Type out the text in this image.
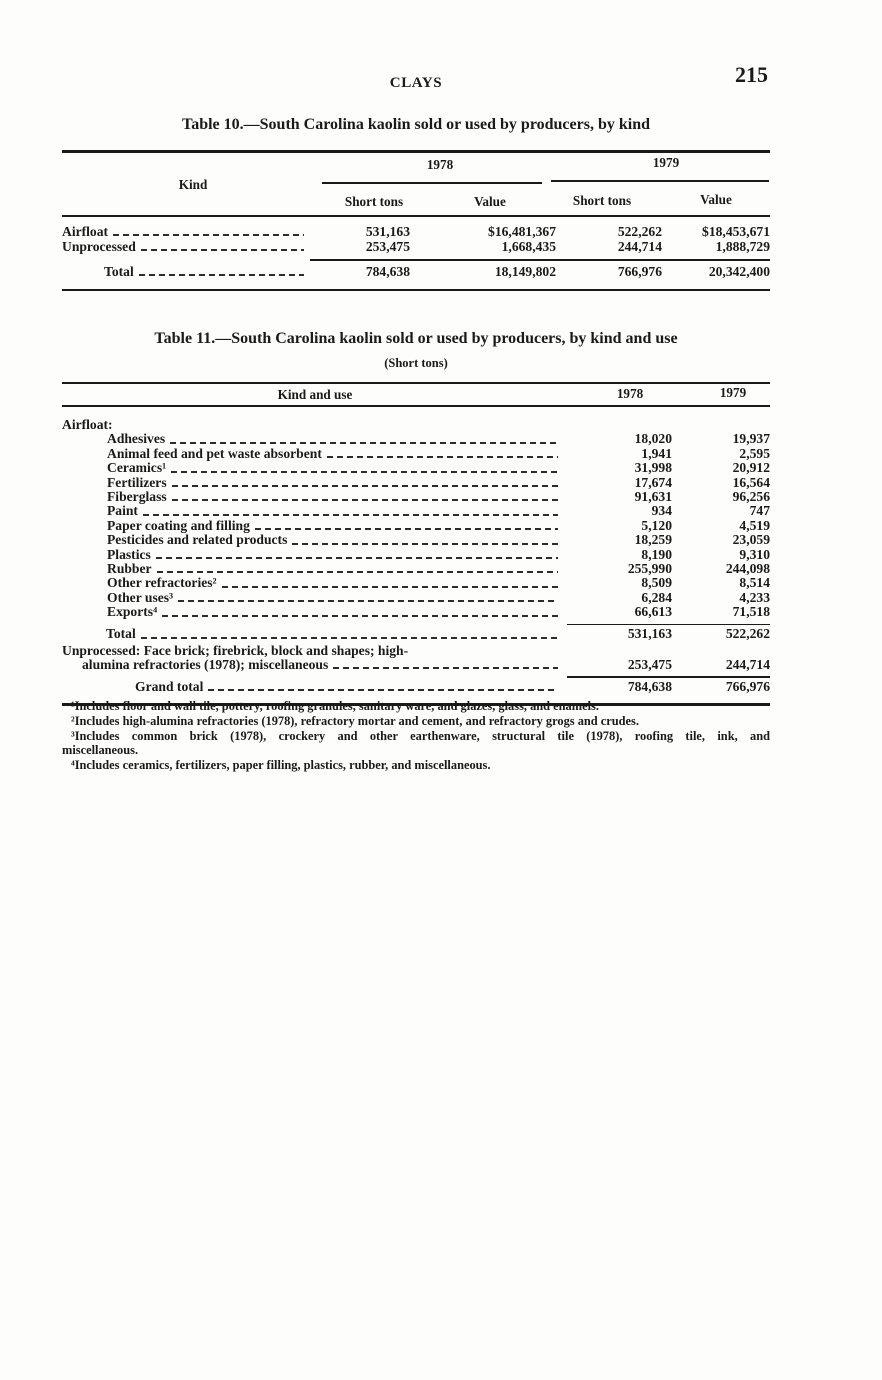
CLAYS	215
Table 10.—South Carolina kaolin sold or used by producers, by kind
Kind
1978	1979
Short tons	Value	Short tons	Value
Airfloat	531,163	$16,481,367	522,262	$18,453,671
Unprocessed	253,475	1,668,435	244,714	1,888,729
Total	784,638	18,149,802	766,976	20,342,400
Table 11.—South Carolina kaolin sold or used by producers, by kind and use
(Short tons)
Kind and use	1978	1979
Airfloat:
Adhesives	18,020	19,937
Animal feed and pet waste absorbent	1,941	2,595
Ceramics¹	31,998	20,912
Fertilizers	17,674	16,564
Fiberglass	91,631	96,256
Paint	934	747
Paper coating and filling	5,120	4,519
Pesticides and related products	18,259	23,059
Plastics	8,190	9,310
Rubber	255,990	244,098
Other refractories²	8,509	8,514
Other uses³	6,284	4,233
Exports⁴	66,613	71,518
Total	531,163	522,262
Unprocessed: Face brick; firebrick, block and shapes; high-
alumina refractories (1978); miscellaneous	253,475	244,714
Grand total	784,638	766,976
¹Includes floor and wall tile, pottery, roofing granules, sanitary ware, and glazes, glass, and enamels.
²Includes high-alumina refractories (1978), refractory mortar and cement, and refractory grogs and crudes.
³Includes common brick (1978), crockery and other earthenware, structural tile (1978), roofing tile, ink, and
miscellaneous.
⁴Includes ceramics, fertilizers, paper filling, plastics, rubber, and miscellaneous.
